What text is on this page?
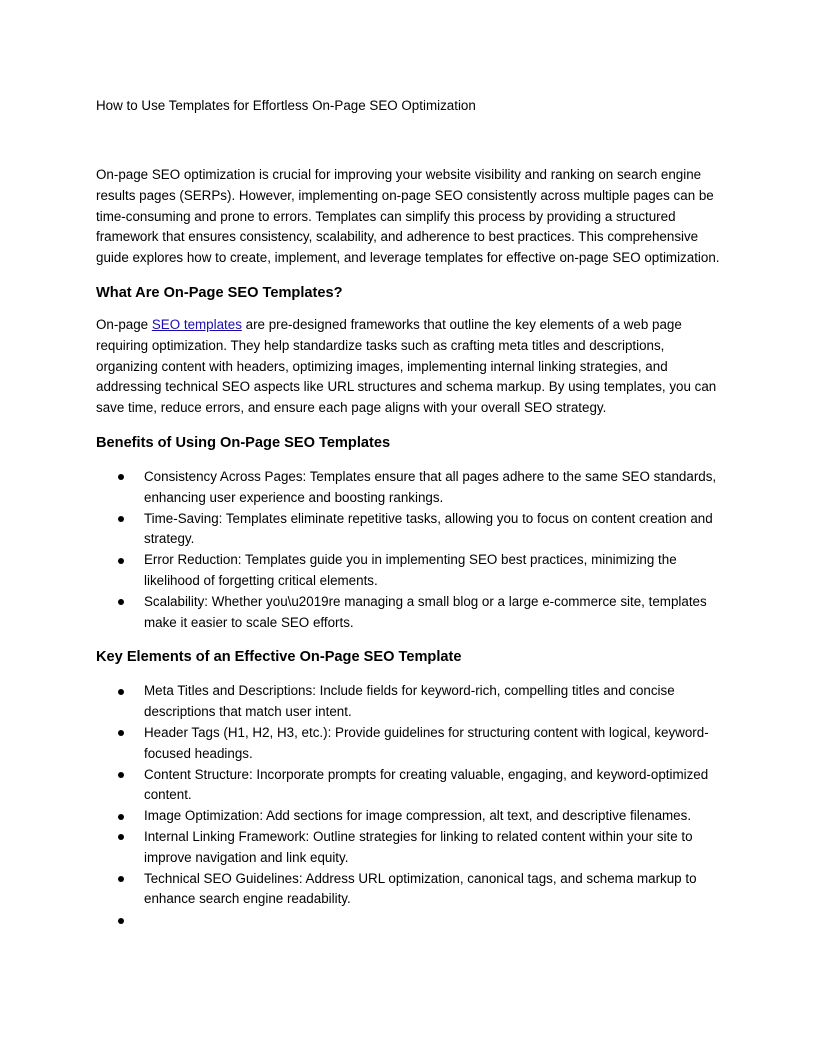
How to Use Templates for Effortless On-Page SEO Optimization

On-page SEO optimization is crucial for improving your website visibility and ranking on search engine results pages (SERPs). However, implementing on-page SEO consistently across multiple pages can be time-consuming and prone to errors. Templates can simplify this process by providing a structured framework that ensures consistency, scalability, and adherence to best practices. This comprehensive guide explores how to create, implement, and leverage templates for effective on-page SEO optimization.

What Are On-Page SEO Templates?

On-page SEO templates are pre-designed frameworks that outline the key elements of a web page requiring optimization. They help standardize tasks such as crafting meta titles and descriptions, organizing content with headers, optimizing images, implementing internal linking strategies, and addressing technical SEO aspects like URL structures and schema markup. By using templates, you can save time, reduce errors, and ensure each page aligns with your overall SEO strategy.

Benefits of Using On-Page SEO Templates
Consistency Across Pages: Templates ensure that all pages adhere to the same SEO standards, enhancing user experience and boosting rankings.
Time-Saving: Templates eliminate repetitive tasks, allowing you to focus on content creation and strategy.
Error Reduction: Templates guide you in implementing SEO best practices, minimizing the likelihood of forgetting critical elements.
Scalability: Whether you\u2019re managing a small blog or a large e-commerce site, templates make it easier to scale SEO efforts.
Key Elements of an Effective On-Page SEO Template
Meta Titles and Descriptions: Include fields for keyword-rich, compelling titles and concise descriptions that match user intent.
Header Tags (H1, H2, H3, etc.): Provide guidelines for structuring content with logical, keyword-focused headings.
Content Structure: Incorporate prompts for creating valuable, engaging, and keyword-optimized content.
Image Optimization: Add sections for image compression, alt text, and descriptive filenames.
Internal Linking Framework: Outline strategies for linking to related content within your site to improve navigation and link equity.
Technical SEO Guidelines: Address URL optimization, canonical tags, and schema markup to enhance search engine readability.
